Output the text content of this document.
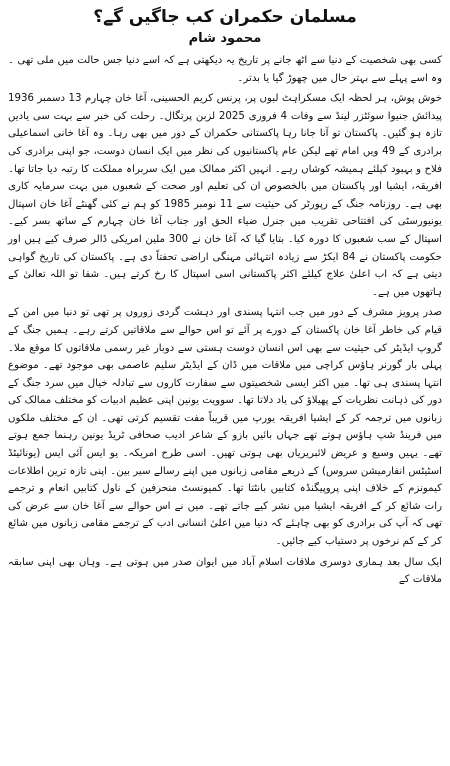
مسلمان حکمران کب جاگیں گے؟
محمود شام

کسی بھی شخصیت کے دنیا سے اٹھ جانے پر تاریخ یہ دیکھتی ہے کہ اسے دنیا جس حالت میں ملی تھی ۔ وہ اسے پہلے سے بہتر حال میں چھوڑ گیا یا بدتر۔

خوش پوش، ہر لحظہ ایک مسکراہٹ لبوں پر، پرنس کریم الحسینی، آغا خان چہارم 13 دسمبر 1936 پیدائش جنیوا سوئٹزر لینڈ سے وفات 4 فروری 2025 لزبن پرتگال۔ رحلت کی خبر سے بہت سی یادیں تازہ ہو گئیں۔ پاکستان تو آنا جانا رہا پاکستانی حکمران کے دور میں بھی رہا۔ وہ آغا خانی اسماعیلی برادری کے 49 ویں امام تھے لیکن عام پاکستانیوں کی نظر میں ایک انسان دوست، جو اپنی برادری کی فلاح و بہبود کیلئے ہمیشہ کوشاں رہے۔ انہیں اکثر ممالک میں ایک سربراہ مملکت کا رتبہ دیا جاتا تھا۔ افریقہ، ایشیا اور پاکستان میں بالخصوص ان کی تعلیم اور صحت کے شعبوں میں بہت سرمایہ کاری بھی ہے۔ روزنامہ جنگ کے رپورٹر کی حیثیت سے 11 نومبر 1985 کو ہم نے کئی گھنٹے آغا خان اسپتال یونیورسٹی کی افتتاحی تقریب میں جنرل ضیاء الحق اور جناب آغا خان چہارم کے ساتھ بسر کیے۔ اسپتال کے سب شعبوں کا دورہ کیا۔ بتایا گیا کہ آغا خان نے 300 ملین امریکی ڈالر صرف کیے ہیں اور حکومت پاکستان نے 84 ایکڑ سے زیادہ انتہائی مہنگی اراضی تحفتاً دی ہے۔ پاکستان کی تاریخ گواہی دیتی ہے کہ اب اعلیٰ علاج کیلئے اکثر پاکستانی اسی اسپتال کا رخ کرتے ہیں۔ شفا تو اللہ تعالیٰ کے ہاتھوں میں ہے۔

صدر پرویز مشرف کے دور میں جب انتہا پسندی اور دہشت گردی زوروں پر تھی تو دنیا میں امن کے قیام کی خاطر آغا خان پاکستان کے دورے پر آئے تو اس حوالے سے ملاقاتیں کرتے رہے۔ ہمیں جنگ کے گروپ ایڈیٹر کی حیثیت سے بھی اس انسان دوست ہستی سے دوبار غیر رسمی ملاقاتوں کا موقع ملا۔ پہلی بار گورنر ہاؤس کراچی میں ملاقات میں ڈان کے ایڈیٹر سلیم عاصمی بھی موجود تھے۔ موضوع انتہا پسندی ہی تھا۔ میں اکثر ایسی شخصیتوں سے سفارت کاروں سے تبادلہ خیال میں سرد جنگ کے دور کی ذہانت نظریات کے پھیلاؤ کی یاد دلاتا تھا۔ سوویت یونین اپنی عظیم ادبیات کو مختلف ممالک کی زبانوں میں ترجمہ کر کے ایشیا افریقہ یورپ میں قریباً مفت تقسیم کرتی تھی۔ ان کے مختلف ملکوں میں فرینڈ شپ ہاؤس ہوتے تھے جہاں بائیں بازو کے شاعر ادیب صحافی ٹریڈ یونین رہنما جمع ہوتے تھے۔ یہیں وسیع و عریض لائبریریاں بھی ہوتی تھیں۔ اسی طرح امریکہ۔ یو ایس آئی ایس (یونائیٹڈ اسٹیٹس انفارمیشن سروس) کے ذریعے مقامی زبانوں میں اپنے رسالے سیر بین۔ اپنی تازہ ترین اطلاعات کیمونزم کے خلاف اپنی پروپیگنڈہ کتابیں بانٹتا تھا۔ کمیونسٹ منحرفین کے ناول کتابیں انعام و ترجمے رات شائع کر کے افریقہ ایشیا میں نشر کیے جاتے تھے۔ میں نے اس حوالے سے آغا خان سے عرض کی تھی کہ آپ کی برادری کو بھی چاہئے کہ دنیا میں اعلیٰ انسانی ادب کے ترجمے مقامی زبانوں میں شائع کر کے کم نرخوں پر دستیاب کیے جائیں۔

ایک سال بعد ہماری دوسری ملاقات اسلام آباد میں ایوان صدر میں ہوتی ہے۔ وہاں بھی اپنی سابقہ ملاقات کے
